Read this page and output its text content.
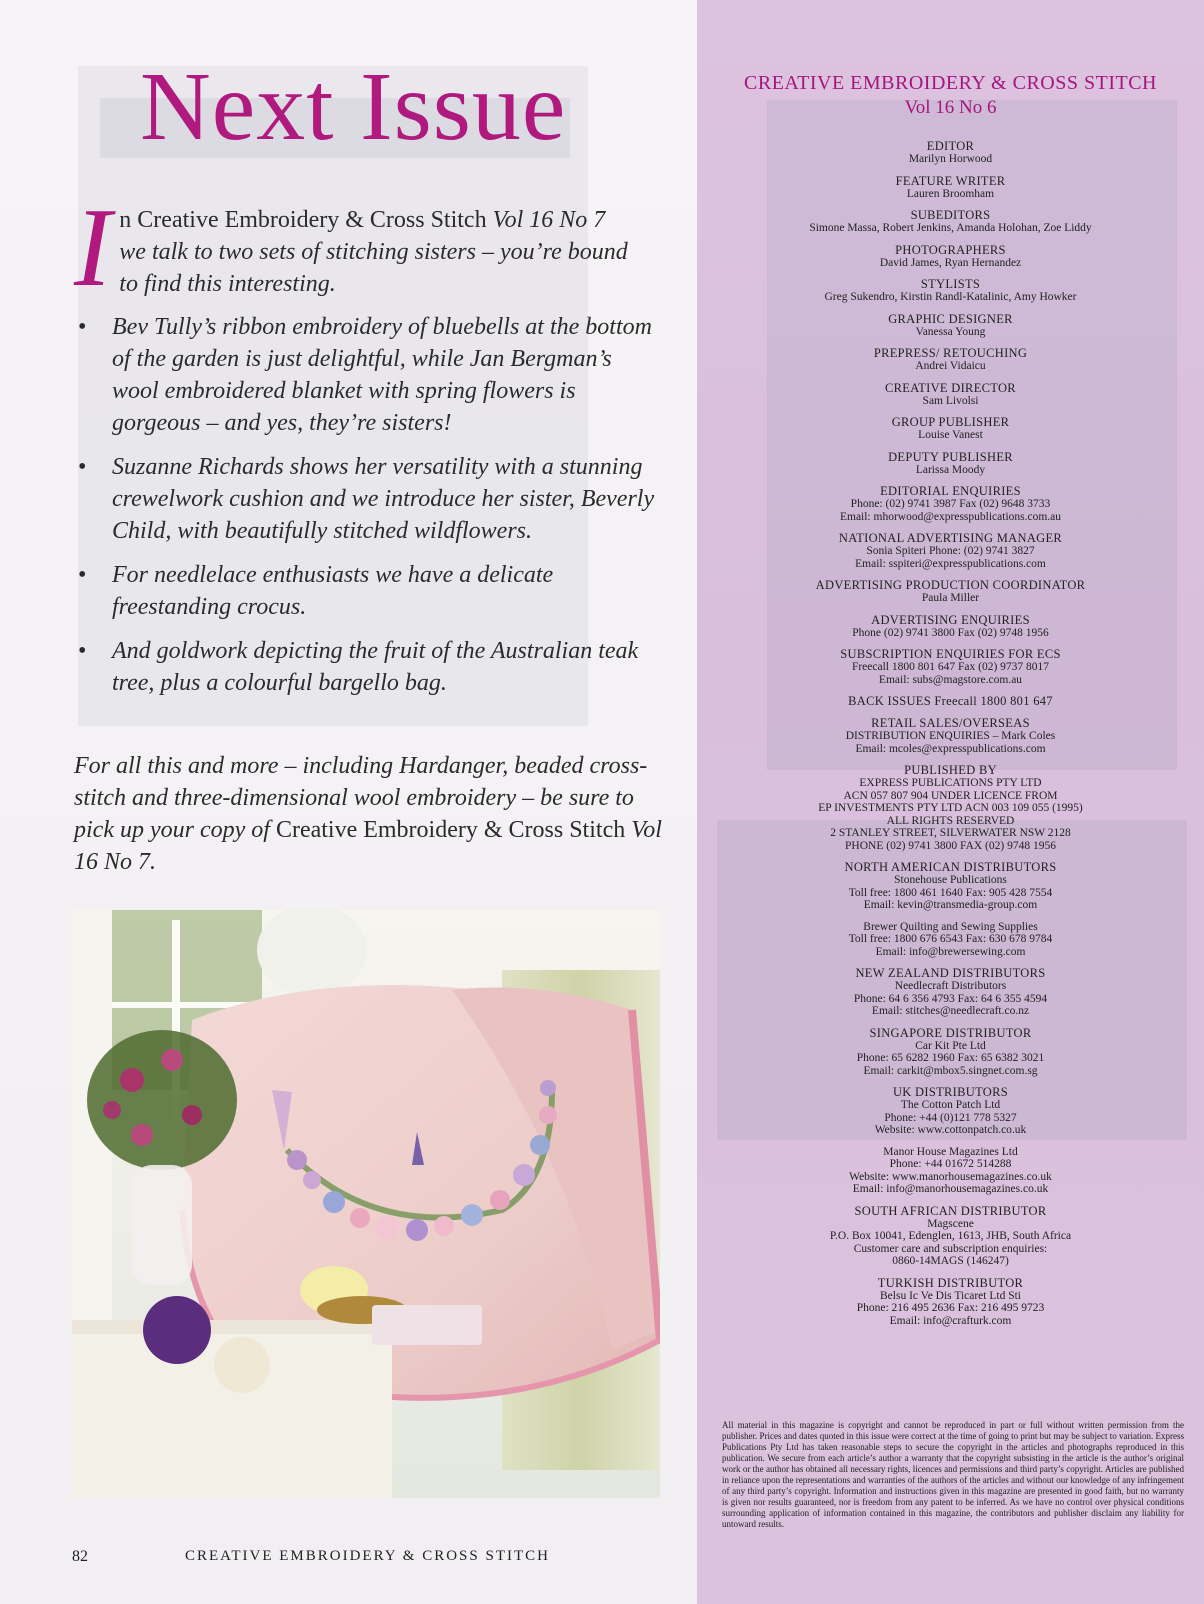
Next Issue
I n Creative Embroidery & Cross Stitch Vol 16 No 7 we talk to two sets of stitching sisters – you’re bound to find this interesting.
• Bev Tully’s ribbon embroidery of bluebells at the bottom of the garden is just delightful, while Jan Bergman’s wool embroidered blanket with spring flowers is gorgeous – and yes, they’re sisters!
• Suzanne Richards shows her versatility with a stunning crewelwork cushion and we introduce her sister, Beverly Child, with beautifully stitched wildflowers.
• For needlelace enthusiasts we have a delicate freestanding crocus.
• And goldwork depicting the fruit of the Australian teak tree, plus a colourful bargello bag.
For all this and more – including Hardanger, beaded cross-stitch and three-dimensional wool embroidery – be sure to pick up your copy of Creative Embroidery & Cross Stitch Vol 16 No 7.
82	CREATIVE EMBROIDERY & CROSS STITCH
CREATIVE EMBROIDERY & CROSS STITCH
Vol 16 No 6
EDITOR
Marilyn Horwood
FEATURE WRITER
Lauren Broomham
SUBEDITORS
Simone Massa, Robert Jenkins, Amanda Holohan, Zoe Liddy
PHOTOGRAPHERS
David James, Ryan Hernandez
STYLISTS
Greg Sukendro, Kirstin Randl-Katalinic, Amy Howker
GRAPHIC DESIGNER
Vanessa Young
PREPRESS/ RETOUCHING
Andrei Vidaicu
CREATIVE DIRECTOR
Sam Livolsi
GROUP PUBLISHER
Louise Vanest
DEPUTY PUBLISHER
Larissa Moody
EDITORIAL ENQUIRIES
Phone: (02) 9741 3987 Fax (02) 9648 3733
Email: mhorwood@expresspublications.com.au
NATIONAL ADVERTISING MANAGER
Sonia Spiteri Phone: (02) 9741 3827
Email: sspiteri@expresspublications.com
ADVERTISING PRODUCTION COORDINATOR
Paula Miller
ADVERTISING ENQUIRIES
Phone (02) 9741 3800 Fax (02) 9748 1956
SUBSCRIPTION ENQUIRIES FOR ECS
Freecall 1800 801 647 Fax (02) 9737 8017
Email: subs@magstore.com.au
BACK ISSUES Freecall 1800 801 647
RETAIL SALES/OVERSEAS
DISTRIBUTION ENQUIRIES – Mark Coles
Email: mcoles@expresspublications.com
PUBLISHED BY
EXPRESS PUBLICATIONS PTY LTD
ACN 057 807 904 UNDER LICENCE FROM
EP INVESTMENTS PTY LTD ACN 003 109 055 (1995)
ALL RIGHTS RESERVED
2 STANLEY STREET, SILVERWATER NSW 2128
PHONE (02) 9741 3800 FAX (02) 9748 1956
NORTH AMERICAN DISTRIBUTORS
Stonehouse Publications
Toll free: 1800 461 1640 Fax: 905 428 7554
Email: kevin@transmedia-group.com
Brewer Quilting and Sewing Supplies
Toll free: 1800 676 6543 Fax: 630 678 9784
Email: info@brewersewing.com
NEW ZEALAND DISTRIBUTORS
Needlecraft Distributors
Phone: 64 6 356 4793 Fax: 64 6 355 4594
Email: stitches@needlecraft.co.nz
SINGAPORE DISTRIBUTOR
Car Kit Pte Ltd
Phone: 65 6282 1960 Fax: 65 6382 3021
Email: carkit@mbox5.singnet.com.sg
UK DISTRIBUTORS
The Cotton Patch Ltd
Phone: +44 (0)121 778 5327
Website: www.cottonpatch.co.uk
Manor House Magazines Ltd
Phone: +44 01672 514288
Website: www.manorhousemagazines.co.uk
Email: info@manorhousemagazines.co.uk
SOUTH AFRICAN DISTRIBUTOR
Magscene
P.O. Box 10041, Edenglen, 1613, JHB, South Africa
Customer care and subscription enquiries:
0860-14MAGS (146247)
TURKISH DISTRIBUTOR
Belsu Ic Ve Dis Ticaret Ltd Sti
Phone: 216 495 2636 Fax: 216 495 9723
Email: info@crafturk.com
All material in this magazine is copyright and cannot be reproduced in part or full without written permission from the publisher. Prices and dates quoted in this issue were correct at the time of going to print but may be subject to variation. Express Publications Pty Ltd has taken reasonable steps to secure the copyright in the articles and photographs reproduced in this publication. We secure from each article’s author a warranty that the copyright subsisting in the article is the author’s original work or the author has obtained all necessary rights, licences and permissions and third party’s copyright. Articles are published in reliance upon the representations and warranties of the authors of the articles and without our knowledge of any infringement of any third party’s copyright. Information and instructions given in this magazine are presented in good faith, but no warranty is given nor results guaranteed, nor is freedom from any patent to be inferred. As we have no control over physical conditions surrounding application of information contained in this magazine, the contributors and publisher disclaim any liability for untoward results.
